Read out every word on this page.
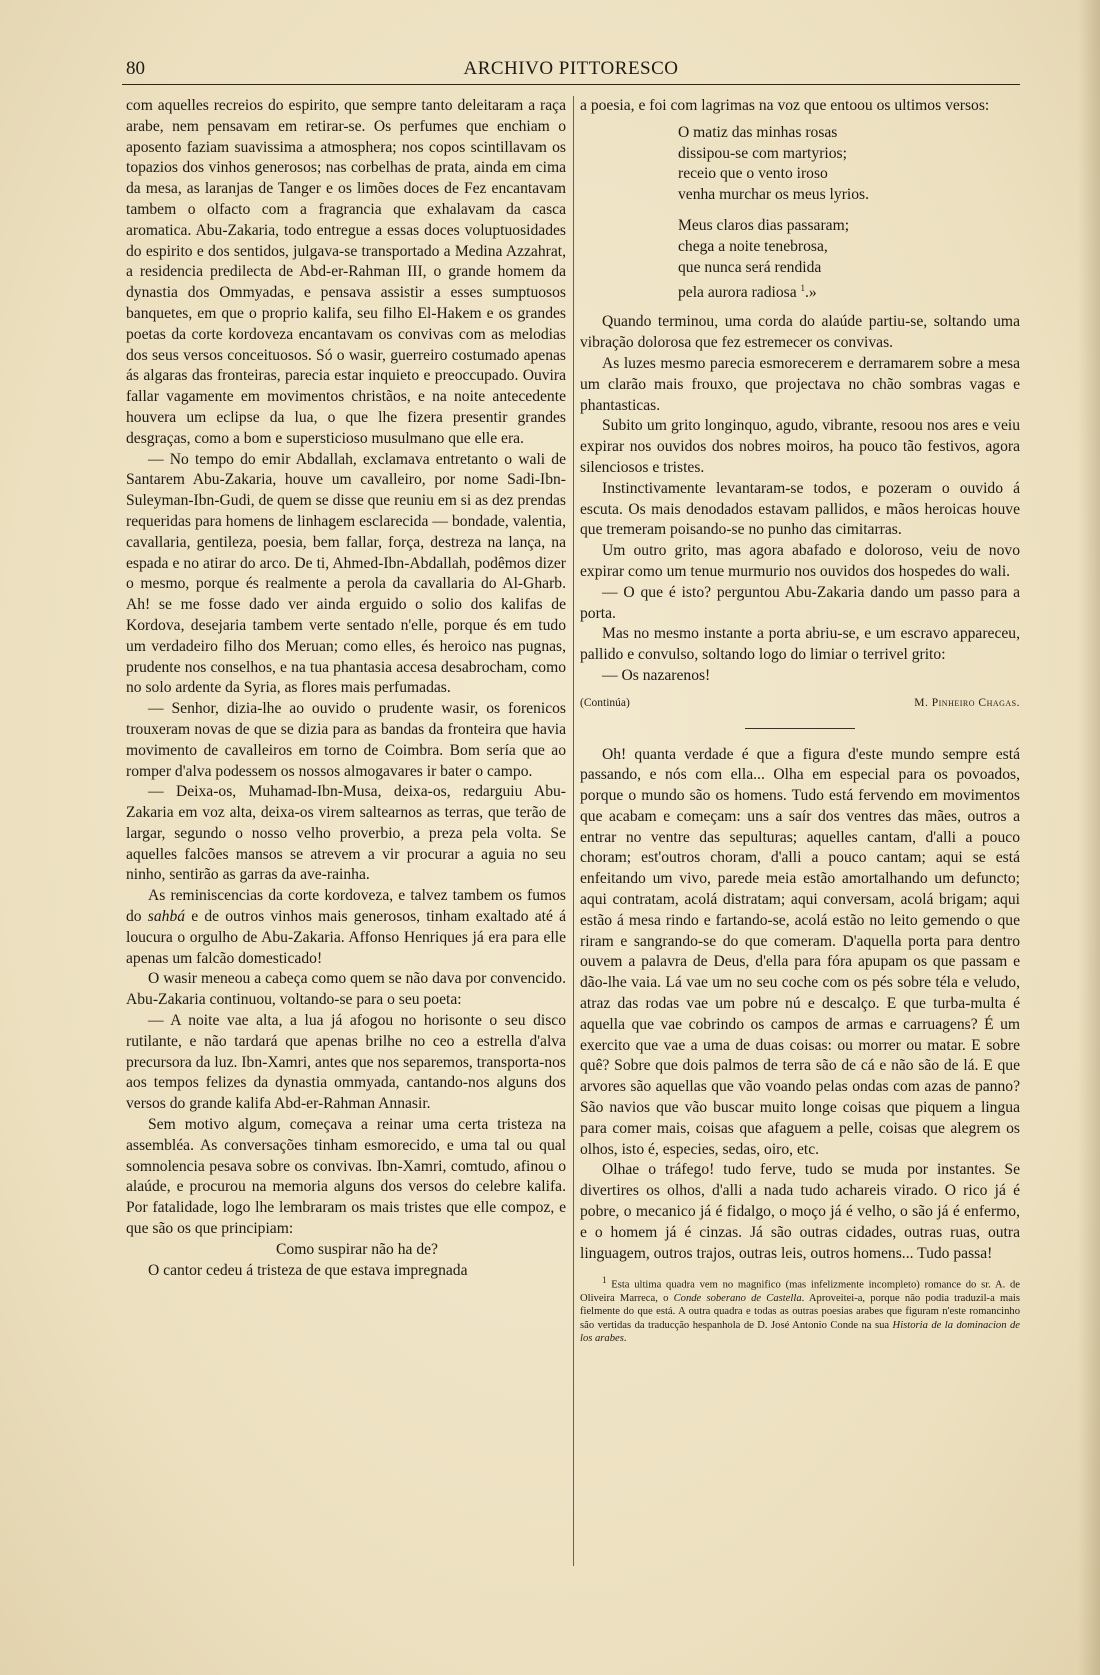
80	ARCHIVO PITTORESCO

com aquelles recreios do espirito, que sempre tanto deleitaram a raça arabe, nem pensavam em retirar-se. Os perfumes que enchiam o aposento faziam suavissima a atmosphera; nos copos scintillavam os topazios dos vinhos generosos; nas corbelhas de prata, ainda em cima da mesa, as laranjas de Tanger e os limões doces de Fez encantavam tambem o olfacto com a fragrancia que exhalavam da casca aromatica. Abu-Zakaria, todo entregue a essas doces voluptuosidades do espirito e dos sentidos, julgava-se transportado a Medina Azzahrat, a residencia predilecta de Abd-er-Rahman III, o grande homem da dynastia dos Ommyadas, e pensava assistir a esses sumptuosos banquetes, em que o proprio kalifa, seu filho El-Hakem e os grandes poetas da corte kordoveza encantavam os convivas com as melodias dos seus versos conceituosos. Só o wasir, guerreiro costumado apenas ás algaras das fronteiras, parecia estar inquieto e preoccupado. Ouvira fallar vagamente em movimentos christãos, e na noite antecedente houvera um eclipse da lua, o que lhe fizera presentir grandes desgraças, como a bom e supersticioso musulmano que elle era.

— No tempo do emir Abdallah, exclamava entretanto o wali de Santarem Abu-Zakaria, houve um cavalleiro, por nome Sadi-Ibn-Suleyman-Ibn-Gudi, de quem se disse que reuniu em si as dez prendas requeridas para homens de linhagem esclarecida — bondade, valentia, cavallaria, gentileza, poesia, bem fallar, força, destreza na lança, na espada e no atirar do arco. De ti, Ahmed-Ibn-Abdallah, podêmos dizer o mesmo, porque és realmente a perola da cavallaria do Al-Gharb. Ah! se me fosse dado ver ainda erguido o solio dos kalifas de Kordova, desejaria tambem verte sentado n'elle, porque és em tudo um verdadeiro filho dos Meruan; como elles, és heroico nas pugnas, prudente nos conselhos, e na tua phantasia accesa desabrocham, como no solo ardente da Syria, as flores mais perfumadas.

— Senhor, dizia-lhe ao ouvido o prudente wasir, os forenicos trouxeram novas de que se dizia para as bandas da fronteira que havia movimento de cavalleiros em torno de Coimbra. Bom sería que ao romper d'alva podessem os nossos almogavares ir bater o campo.

— Deixa-os, Muhamad-Ibn-Musa, deixa-os, redarguiu Abu-Zakaria em voz alta, deixa-os virem saltearnos as terras, que terão de largar, segundo o nosso velho proverbio, a preza pela volta. Se aquelles falcões mansos se atrevem a vir procurar a aguia no seu ninho, sentirão as garras da ave-rainha.

As reminiscencias da corte kordoveza, e talvez tambem os fumos do sahbá e de outros vinhos mais generosos, tinham exaltado até á loucura o orgulho de Abu-Zakaria. Affonso Henriques já era para elle apenas um falcão domesticado!

O wasir meneou a cabeça como quem se não dava por convencido. Abu-Zakaria continuou, voltando-se para o seu poeta:

— A noite vae alta, a lua já afogou no horisonte o seu disco rutilante, e não tardará que apenas brilhe no ceo a estrella d'alva precursora da luz. Ibn-Xamri, antes que nos separemos, transporta-nos aos tempos felizes da dynastia ommyada, cantando-nos alguns dos versos do grande kalifa Abd-er-Rahman Annasir.

Sem motivo algum, começava a reinar uma certa tristeza na assembléa. As conversações tinham esmorecido, e uma tal ou qual somnolencia pesava sobre os convivas. Ibn-Xamri, comtudo, afinou o alaúde, e procurou na memoria alguns dos versos do celebre kalifa. Por fatalidade, logo lhe lembraram os mais tristes que elle compoz, e que são os que principiam:

Como suspirar não ha de?

O cantor cedeu á tristeza de que estava impregnada

a poesia, e foi com lagrimas na voz que entoou os ultimos versos:

O matiz das minhas rosas
dissipou-se com martyrios;
receio que o vento iroso
venha murchar os meus lyrios.
Meus claros dias passaram;
chega a noite tenebrosa,
que nunca será rendida
pela aurora radiosa $^1$.»

Quando terminou, uma corda do alaúde partiu-se, soltando uma vibração dolorosa que fez estremecer os convivas.

As luzes mesmo parecia esmorecerem e derramarem sobre a mesa um clarão mais frouxo, que projectava no chão sombras vagas e phantasticas.

Subito um grito longinquo, agudo, vibrante, resoou nos ares e veiu expirar nos ouvidos dos nobres moiros, ha pouco tão festivos, agora silenciosos e tristes.

Instinctivamente levantaram-se todos, e pozeram o ouvido á escuta. Os mais denodados estavam pallidos, e mãos heroicas houve que tremeram poisando-se no punho das cimitarras.

Um outro grito, mas agora abafado e doloroso, veiu de novo expirar como um tenue murmurio nos ouvidos dos hospedes do wali.

— O que é isto? perguntou Abu-Zakaria dando um passo para a porta.

Mas no mesmo instante a porta abriu-se, e um escravo appareceu, pallido e convulso, soltando logo do limiar o terrivel grito:

— Os nazarenos!

(Continúa)	M. Pinheiro Chagas.

Oh! quanta verdade é que a figura d'este mundo sempre está passando, e nós com ella... Olha em especial para os povoados, porque o mundo são os homens. Tudo está fervendo em movimentos que acabam e começam: uns a saír dos ventres das mães, outros a entrar no ventre das sepulturas; aquelles cantam, d'alli a pouco choram; est'outros choram, d'alli a pouco cantam; aqui se está enfeitando um vivo, parede meia estão amortalhando um defuncto; aqui contratam, acolá distratam; aqui conversam, acolá brigam; aqui estão á mesa rindo e fartando-se, acolá estão no leito gemendo o que riram e sangrando-se do que comeram. D'aquella porta para dentro ouvem a palavra de Deus, d'ella para fóra apupam os que passam e dão-lhe vaia. Lá vae um no seu coche com os pés sobre téla e veludo, atraz das rodas vae um pobre nú e descalço. E que turba-multa é aquella que vae cobrindo os campos de armas e carruagens? É um exercito que vae a uma de duas coisas: ou morrer ou matar. E sobre quê? Sobre que dois palmos de terra são de cá e não são de lá. E que arvores são aquellas que vão voando pelas ondas com azas de panno? São navios que vão buscar muito longe coisas que piquem a lingua para comer mais, coisas que afaguem a pelle, coisas que alegrem os olhos, isto é, especies, sedas, oiro, etc.

Olhae o tráfego! tudo ferve, tudo se muda por instantes. Se divertires os olhos, d'alli a nada tudo achareis virado. O rico já é pobre, o mecanico já é fidalgo, o moço já é velho, o são já é enfermo, e o homem já é cinzas. Já são outras cidades, outras ruas, outra linguagem, outros trajos, outras leis, outros homens... Tudo passa!

$^1$ Esta ultima quadra vem no magnifico (mas infelizmente incompleto) romance do sr. A. de Oliveira Marreca, o Conde soberano de Castella. Aproveitei-a, porque não podia traduzil-a mais fielmente do que está. A outra quadra e todas as outras poesias arabes que figuram n'este romancinho são vertidas da traducção hespanhola de D. José Antonio Conde na sua Historia de la dominacion de los arabes.
